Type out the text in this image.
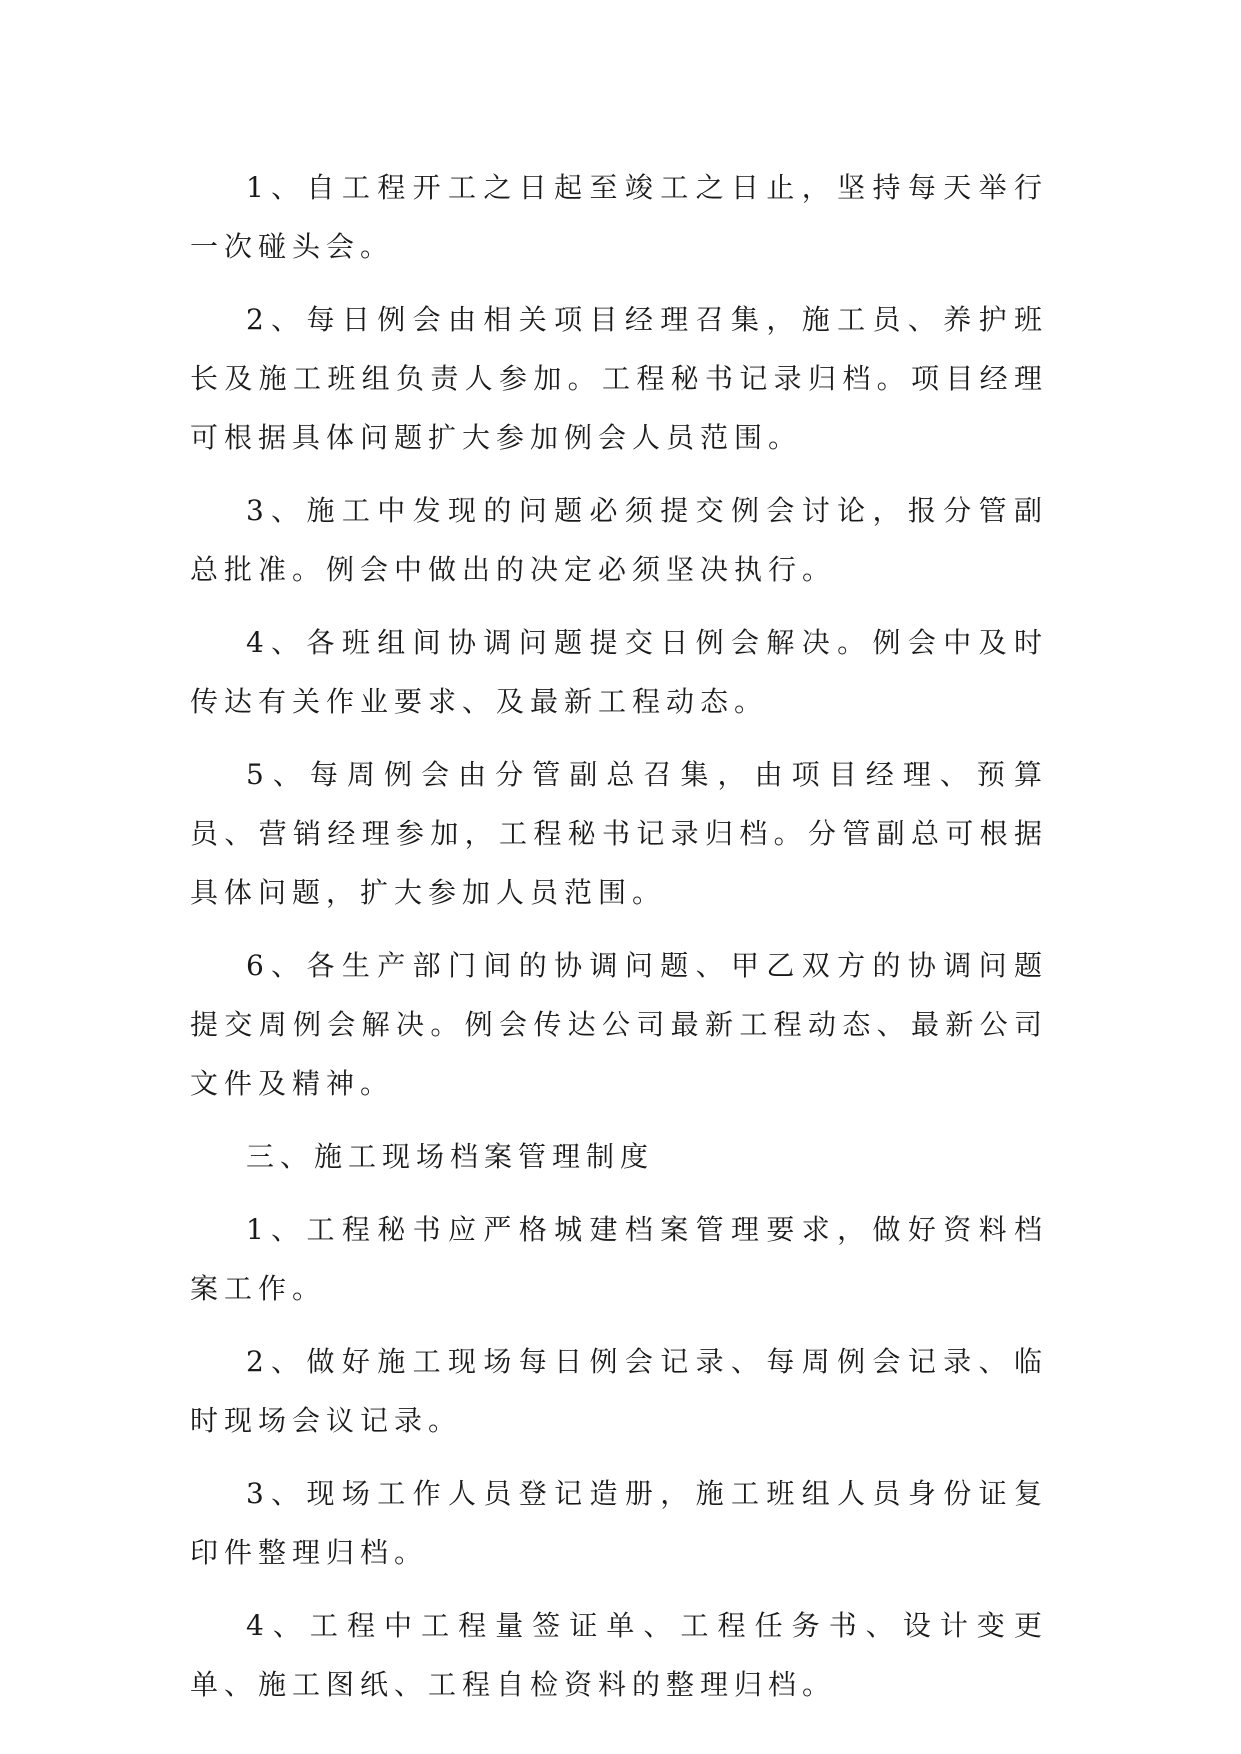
1、自工程开工之日起至竣工之日止，坚持每天举行一次碰头会。

2、每日例会由相关项目经理召集，施工员、养护班长及施工班组负责人参加。工程秘书记录归档。项目经理可根据具体问题扩大参加例会人员范围。

3、施工中发现的问题必须提交例会讨论，报分管副总批准。例会中做出的决定必须坚决执行。

4、各班组间协调问题提交日例会解决。例会中及时传达有关作业要求、及最新工程动态。

5、每周例会由分管副总召集，由项目经理、预算员、营销经理参加，工程秘书记录归档。分管副总可根据具体问题，扩大参加人员范围。

6、各生产部门间的协调问题、甲乙双方的协调问题提交周例会解决。例会传达公司最新工程动态、最新公司文件及精神。

三、施工现场档案管理制度

1、工程秘书应严格城建档案管理要求，做好资料档案工作。

2、做好施工现场每日例会记录、每周例会记录、临时现场会议记录。

3、现场工作人员登记造册，施工班组人员身份证复印件整理归档。

4、工程中工程量签证单、工程任务书、设计变更单、施工图纸、工程自检资料的整理归档。
